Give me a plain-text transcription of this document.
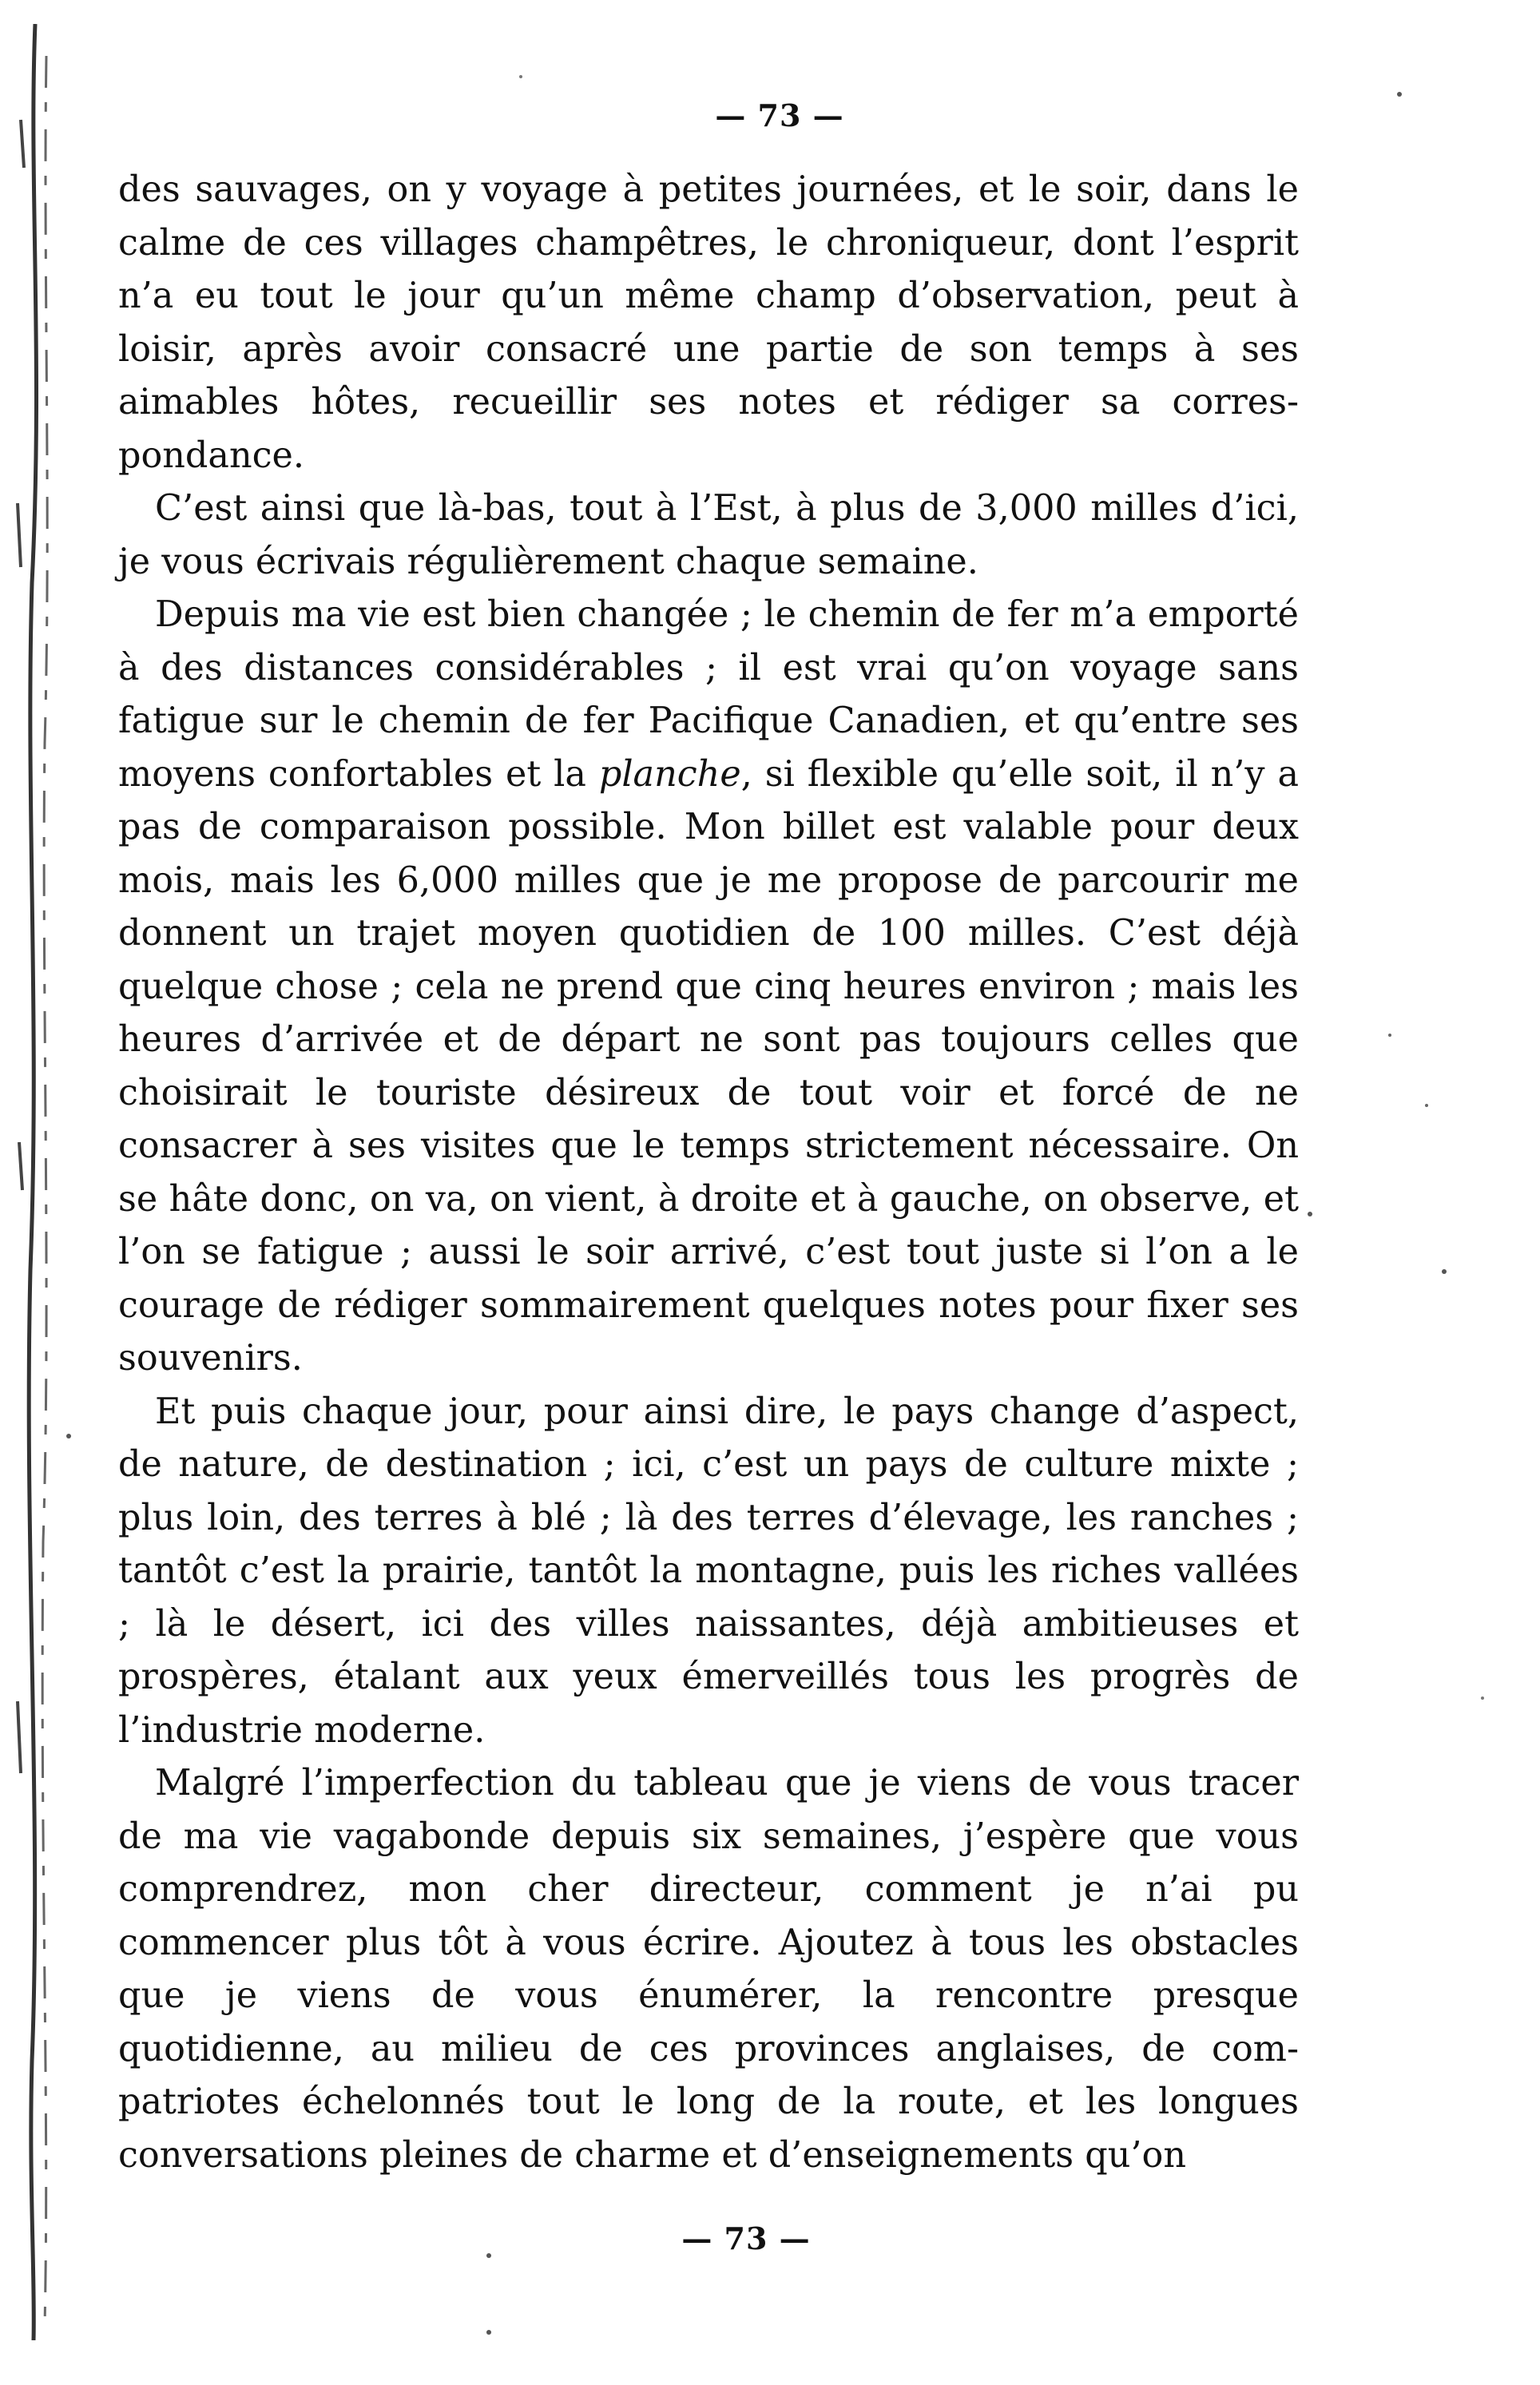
— 73 —

des sauvages, on y voyage à petites journées, et le soir, dans le calme de ces villages champêtres, le chroniqueur, dont l’esprit n’a eu tout le jour qu’un même champ d’observation, peut à loisir, après avoir consacré une partie de son temps à ses aimables hôtes, recueillir ses notes et rédiger sa correspondance.

C’est ainsi que là-bas, tout à l’Est, à plus de 3,000 milles d’ici, je vous écrivais régulièrement chaque semaine.

Depuis ma vie est bien changée ; le chemin de fer m’a emporté à des distances considérables ; il est vrai qu’on voyage sans fatigue sur le chemin de fer Pacifique Canadien, et qu’entre ses moyens confortables et la planche, si flexible qu’elle soit, il n’y a pas de comparaison possible. Mon billet est valable pour deux mois, mais les 6,000 milles que je me propose de parcourir me donnent un trajet moyen quotidien de 100 milles. C’est déjà quelque chose ; cela ne prend que cinq heures environ ; mais les heures d’arrivée et de départ ne sont pas toujours celles que choisirait le touriste désireux de tout voir et forcé de ne consacrer à ses visites que le temps strictement nécessaire. On se hâte donc, on va, on vient, à droite et à gauche, on observe, et l’on se fatigue ; aussi le soir arrivé, c’est tout juste si l’on a le courage de rédiger sommairement quelques notes pour fixer ses souvenirs.

Et puis chaque jour, pour ainsi dire, le pays change d’aspect, de nature, de destination ; ici, c’est un pays de culture mixte ; plus loin, des terres à blé ; là des terres d’élevage, les ranches ; tantôt c’est la prairie, tantôt la montagne, puis les riches vallées ; là le désert, ici des villes naissantes, déjà ambitieuses et prospères, étalant aux yeux émerveillés tous les progrès de l’industrie moderne.

Malgré l’imperfection du tableau que je viens de vous tracer de ma vie vagabonde depuis six semaines, j’espère que vous comprendrez, mon cher directeur, comment je n’ai pu commencer plus tôt à vous écrire. Ajoutez à tous les obstacles que je viens de vous énumérer, la rencontre presque quotidienne, au milieu de ces provinces anglaises, de compatriotes échelonnés tout le long de la route, et les longues conversations pleines de charme et d’enseignements qu’on

— 73 —
